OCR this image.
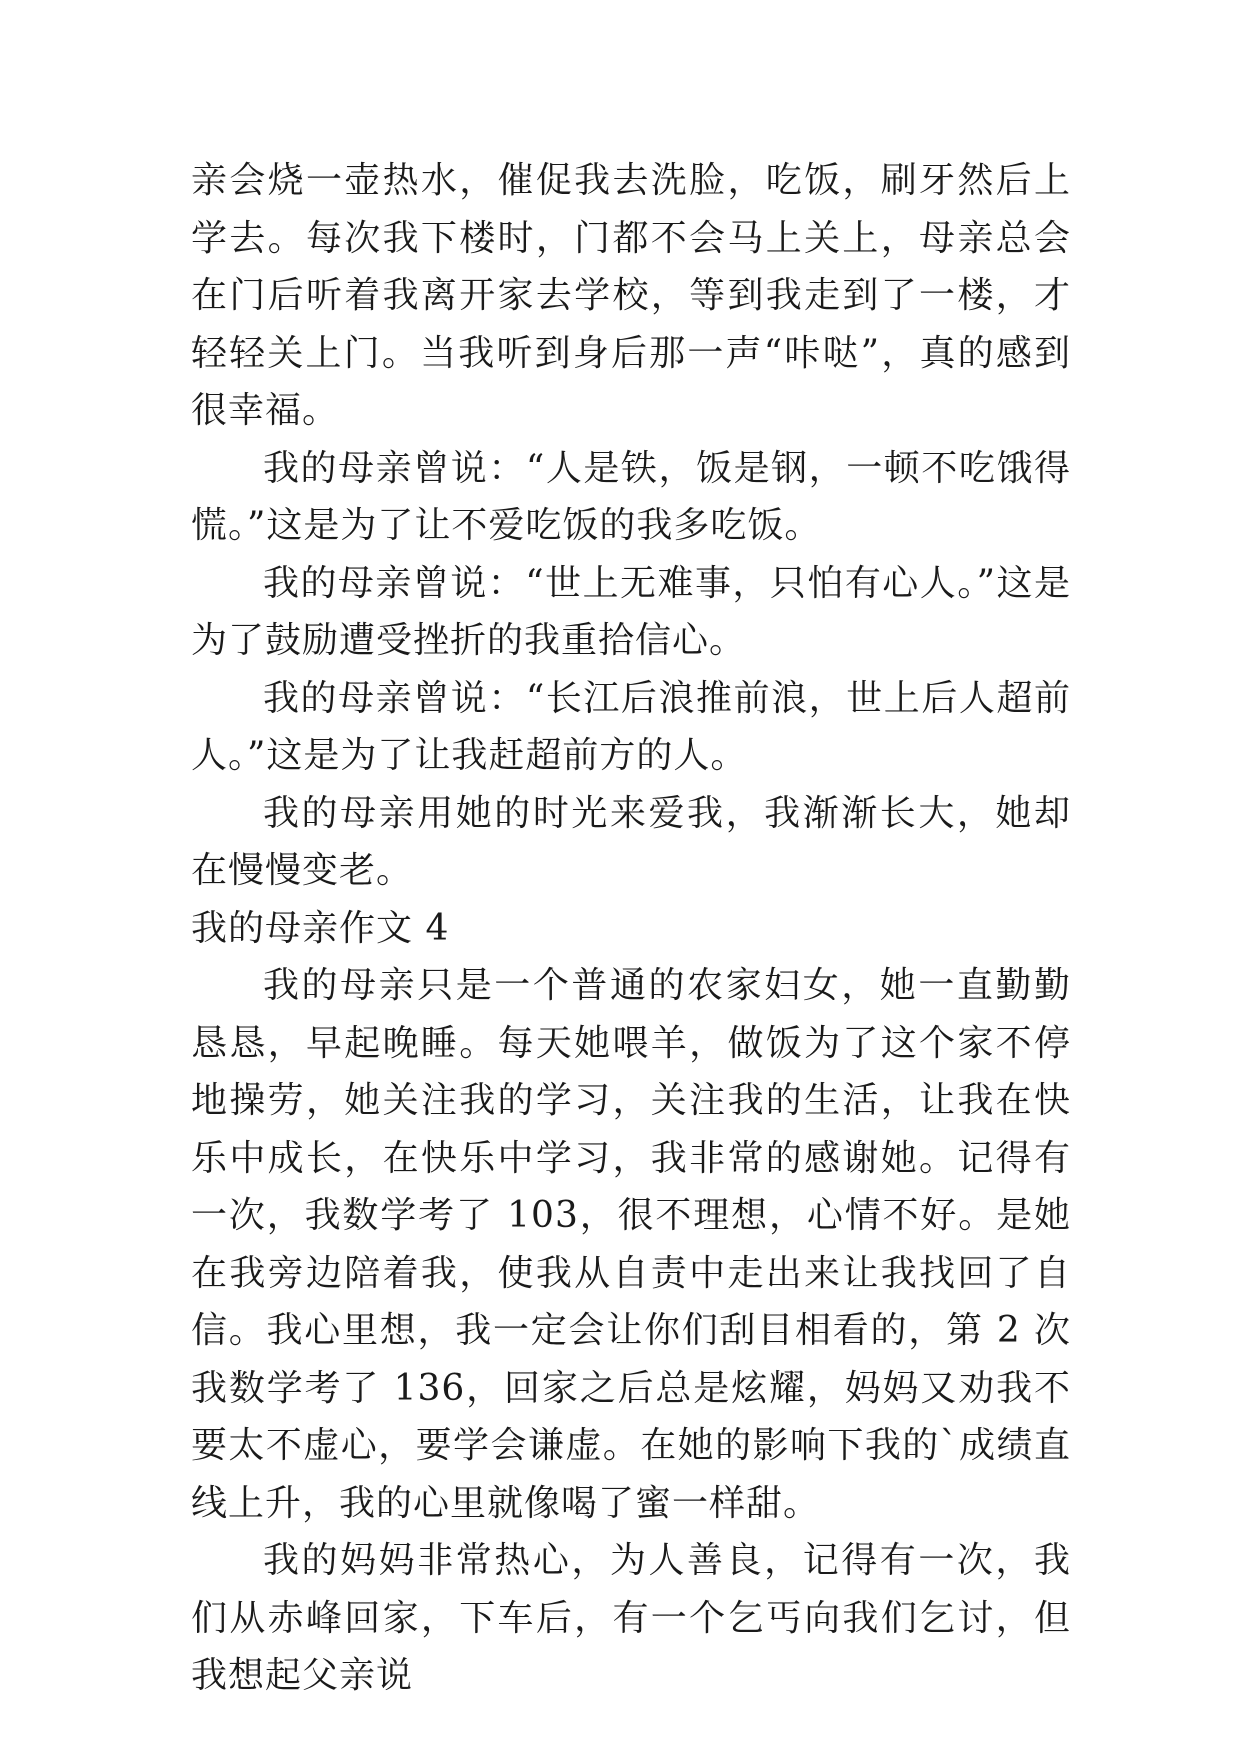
亲会烧一壶热水，催促我去洗脸，吃饭，刷牙然后上学去。每次我下楼时，门都不会马上关上，母亲总会在门后听着我离开家去学校，等到我走到了一楼，才轻轻关上门。当我听到身后那一声“咔哒”，真的感到很幸福。

我的母亲曾说：“人是铁，饭是钢，一顿不吃饿得慌。”这是为了让不爱吃饭的我多吃饭。

我的母亲曾说：“世上无难事，只怕有心人。”这是为了鼓励遭受挫折的我重拾信心。

我的母亲曾说：“长江后浪推前浪，世上后人超前人。”这是为了让我赶超前方的人。

我的母亲用她的时光来爱我，我渐渐长大，她却在慢慢变老。

我的母亲作文 4

我的母亲只是一个普通的农家妇女，她一直勤勤恳恳，早起晚睡。每天她喂羊，做饭为了这个家不停地操劳，她关注我的学习，关注我的生活，让我在快乐中成长，在快乐中学习，我非常的感谢她。记得有一次，我数学考了 103，很不理想，心情不好。是她在我旁边陪着我，使我从自责中走出来让我找回了自信。我心里想，我一定会让你们刮目相看的，第 2 次我数学考了 136，回家之后总是炫耀，妈妈又劝我不要太不虚心，要学会谦虚。在她的影响下我的`成绩直线上升，我的心里就像喝了蜜一样甜。

我的妈妈非常热心，为人善良，记得有一次，我们从赤峰回家，下车后，有一个乞丐向我们乞讨，但我想起父亲说
